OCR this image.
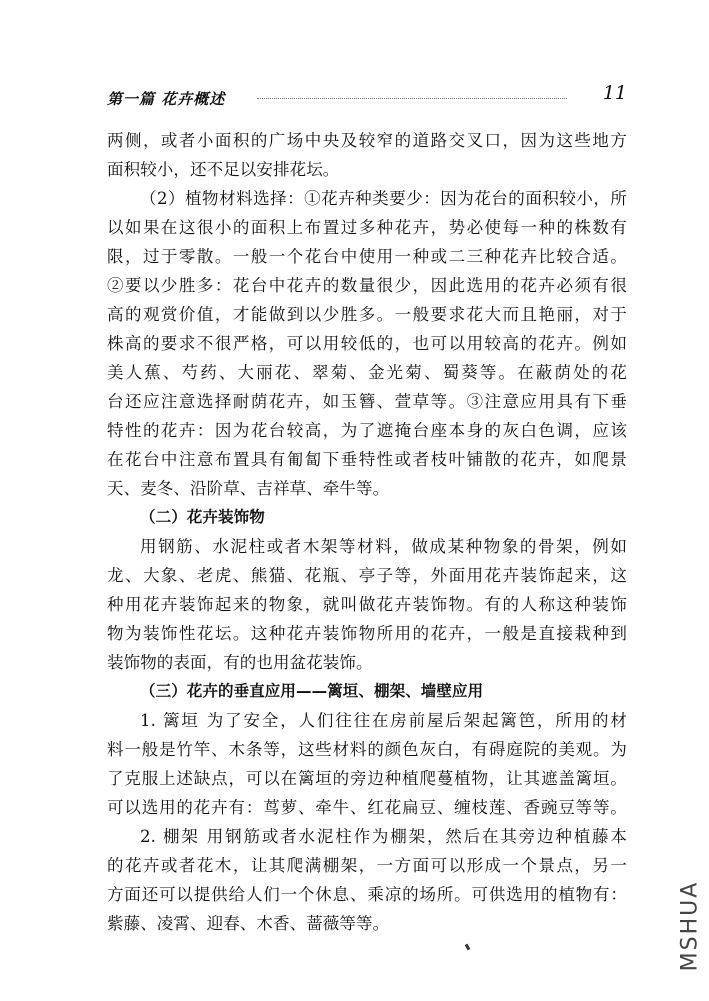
第一篇 花卉概述	11
两侧，或者小面积的广场中央及较窄的道路交叉口，因为这些地方
面积较小，还不足以安排花坛。
（2）植物材料选择：①花卉种类要少：因为花台的面积较小，所
以如果在这很小的面积上布置过多种花卉，势必使每一种的株数有
限，过于零散。一般一个花台中使用一种或二三种花卉比较合适。
②要以少胜多：花台中花卉的数量很少，因此选用的花卉必须有很
高的观赏价值，才能做到以少胜多。一般要求花大而且艳丽，对于
株高的要求不很严格，可以用较低的，也可以用较高的花卉。例如
美人蕉、芍药、大丽花、翠菊、金光菊、蜀葵等。在蔽荫处的花
台还应注意选择耐荫花卉，如玉簪、萱草等。③注意应用具有下垂
特性的花卉：因为花台较高，为了遮掩台座本身的灰白色调，应该
在花台中注意布置具有匍匐下垂特性或者枝叶铺散的花卉，如爬景
天、麦冬、沿阶草、吉祥草、牵牛等。
（二）花卉装饰物
用钢筋、水泥柱或者木架等材料，做成某种物象的骨架，例如
龙、大象、老虎、熊猫、花瓶、亭子等，外面用花卉装饰起来，这
种用花卉装饰起来的物象，就叫做花卉装饰物。有的人称这种装饰
物为装饰性花坛。这种花卉装饰物所用的花卉，一般是直接栽种到
装饰物的表面，有的也用盆花装饰。
（三）花卉的垂直应用——篱垣、棚架、墙壁应用
1. 篱垣 为了安全，人们往往在房前屋后架起篱笆，所用的材
料一般是竹竿、木条等，这些材料的颜色灰白，有碍庭院的美观。为
了克服上述缺点，可以在篱垣的旁边种植爬蔓植物，让其遮盖篱垣。
可以选用的花卉有：茑萝、牵牛、红花扁豆、缠枝莲、香豌豆等等。
2. 棚架 用钢筋或者水泥柱作为棚架，然后在其旁边种植藤本
的花卉或者花木，让其爬满棚架，一方面可以形成一个景点，另一
方面还可以提供给人们一个休息、乘凉的场所。可供选用的植物有：
紫藤、凌霄、迎春、木香、蔷薇等等。	MSHUA
